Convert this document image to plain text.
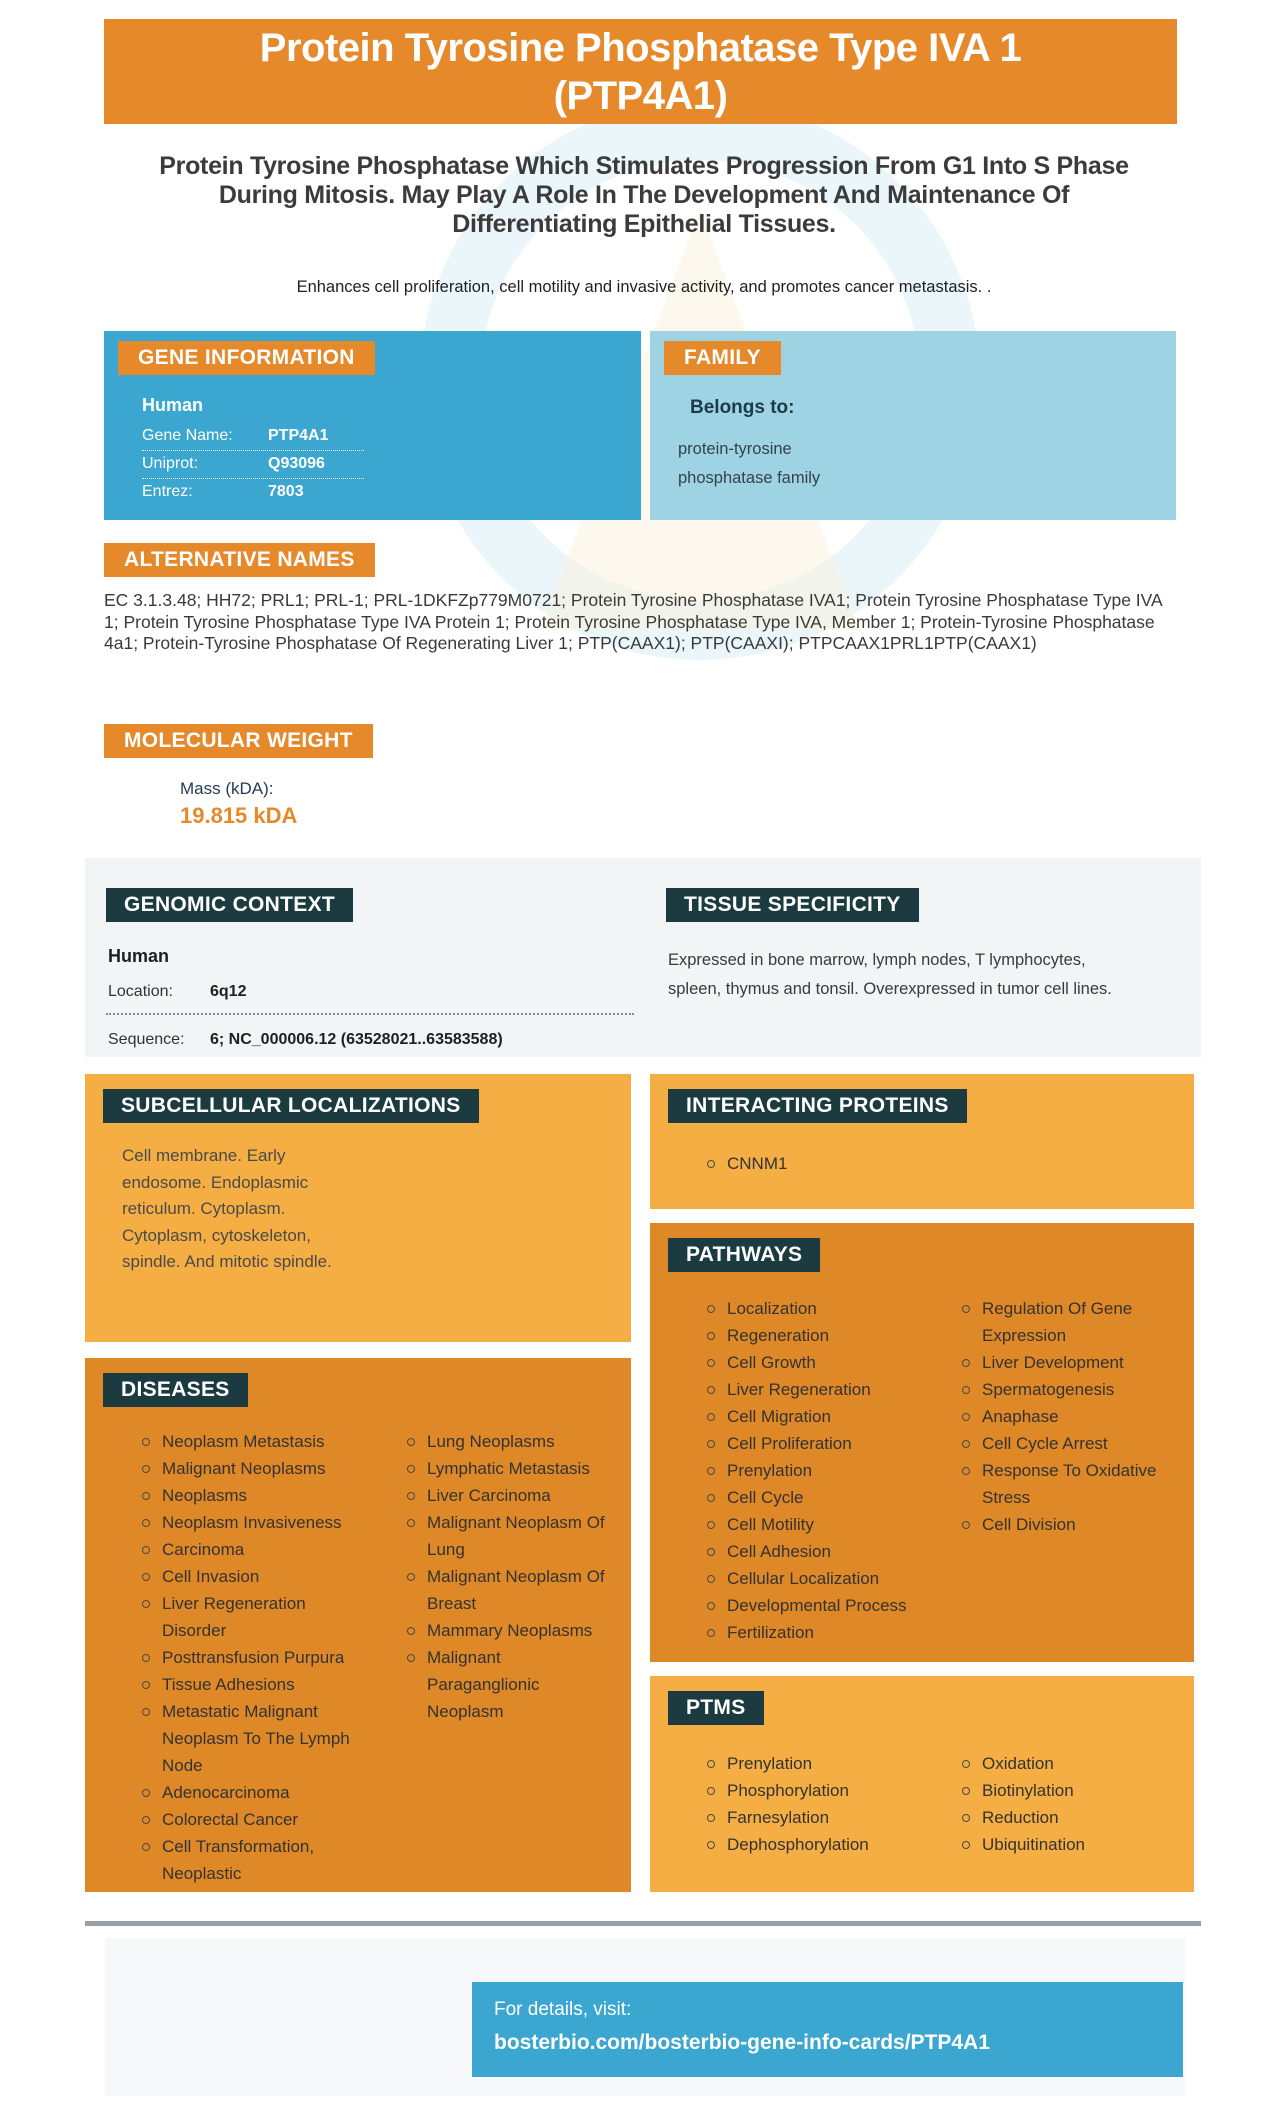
Protein Tyrosine Phosphatase Type IVA 1 (PTP4A1)
Protein Tyrosine Phosphatase Which Stimulates Progression From G1 Into S Phase During Mitosis. May Play A Role In The Development And Maintenance Of Differentiating Epithelial Tissues.

Enhances cell proliferation, cell motility and invasive activity, and promotes cancer metastasis. .

GENE INFORMATION
Human
Gene Name:	PTP4A1
Uniprot:	Q93096
Entrez:	7803
FAMILY
Belongs to:
protein-tyrosine phosphatase family
ALTERNATIVE NAMES

EC 3.1.3.48; HH72; PRL1; PRL-1; PRL-1DKFZp779M0721; Protein Tyrosine Phosphatase IVA1; Protein Tyrosine Phosphatase Type IVA 1; Protein Tyrosine Phosphatase Type IVA Protein 1; Protein Tyrosine Phosphatase Type IVA, Member 1; Protein-Tyrosine Phosphatase 4a1; Protein-Tyrosine Phosphatase Of Regenerating Liver 1; PTP(CAAX1); PTP(CAAXI); PTPCAAX1PRL1PTP(CAAX1)

MOLECULAR WEIGHT
Mass (kDA):
19.815 kDA
GENOMIC CONTEXT
Human
Location:	6q12
Sequence:	6; NC_000006.12 (63528021..63583588)
TISSUE SPECIFICITY
Expressed in bone marrow, lymph nodes, T lymphocytes, spleen, thymus and tonsil. Overexpressed in tumor cell lines.
SUBCELLULAR LOCALIZATIONS
Cell membrane. Early endosome. Endoplasmic reticulum. Cytoplasm. Cytoplasm, cytoskeleton, spindle. And mitotic spindle.
INTERACTING PROTEINS
CNNM1
PATHWAYS
Localization
Regeneration
Cell Growth
Liver Regeneration
Cell Migration
Cell Proliferation
Prenylation
Cell Cycle
Cell Motility
Cell Adhesion
Cellular Localization
Developmental Process
Fertilization
Regulation Of Gene Expression
Liver Development
Spermatogenesis
Anaphase
Cell Cycle Arrest
Response To Oxidative Stress
Cell Division
DISEASES
Neoplasm Metastasis
Malignant Neoplasms
Neoplasms
Neoplasm Invasiveness
Carcinoma
Cell Invasion
Liver Regeneration Disorder
Posttransfusion Purpura
Tissue Adhesions
Metastatic Malignant Neoplasm To The Lymph Node
Adenocarcinoma
Colorectal Cancer
Cell Transformation, Neoplastic
Lung Neoplasms
Lymphatic Metastasis
Liver Carcinoma
Malignant Neoplasm Of Lung
Malignant Neoplasm Of Breast
Mammary Neoplasms
Malignant Paraganglionic Neoplasm	PTMS
Prenylation
Phosphorylation
Farnesylation
Dephosphorylation
Oxidation
Biotinylation
Reduction
Ubiquitination
For details, visit:
bosterbio.com/bosterbio-gene-info-cards/PTP4A1
